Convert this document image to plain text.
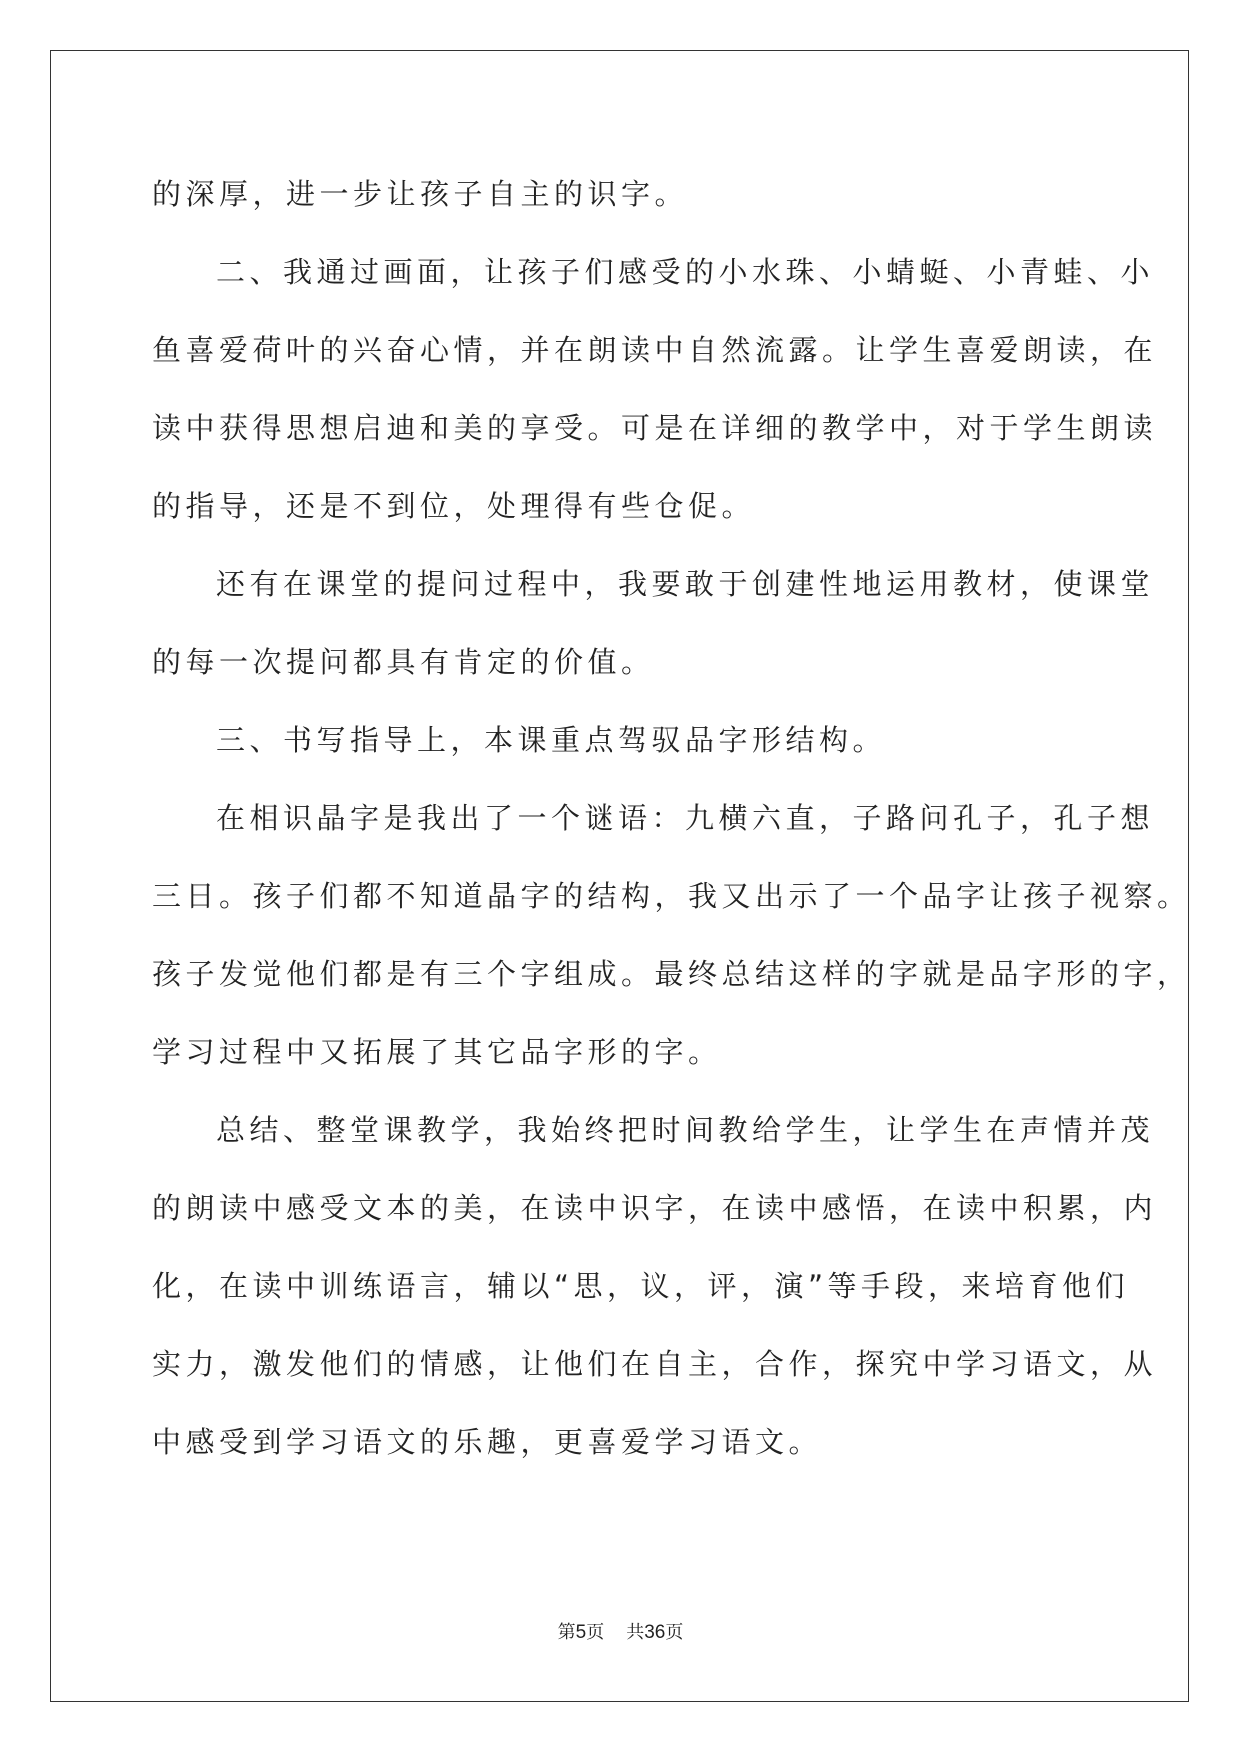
的深厚，进一步让孩子自主的识字。
二、我通过画面，让孩子们感受的小水珠、小蜻蜓、小青蛙、小
鱼喜爱荷叶的兴奋心情，并在朗读中自然流露。让学生喜爱朗读，在
读中获得思想启迪和美的享受。可是在详细的教学中，对于学生朗读
的指导，还是不到位，处理得有些仓促。
还有在课堂的提问过程中，我要敢于创建性地运用教材，使课堂
的每一次提问都具有肯定的价值。
三、书写指导上，本课重点驾驭品字形结构。
在相识晶字是我出了一个谜语：九横六直，子路问孔子，孔子想
三日。孩子们都不知道晶字的结构，我又出示了一个品字让孩子视察。
孩子发觉他们都是有三个字组成。最终总结这样的字就是品字形的字，
学习过程中又拓展了其它品字形的字。
总结、整堂课教学，我始终把时间教给学生，让学生在声情并茂
的朗读中感受文本的美，在读中识字，在读中感悟，在读中积累，内
化，在读中训练语言，辅以“思，议，评，演”等手段，来培育他们
实力，激发他们的情感，让他们在自主，合作，探究中学习语文，从
中感受到学习语文的乐趣，更喜爱学习语文。
第5页 共36页
